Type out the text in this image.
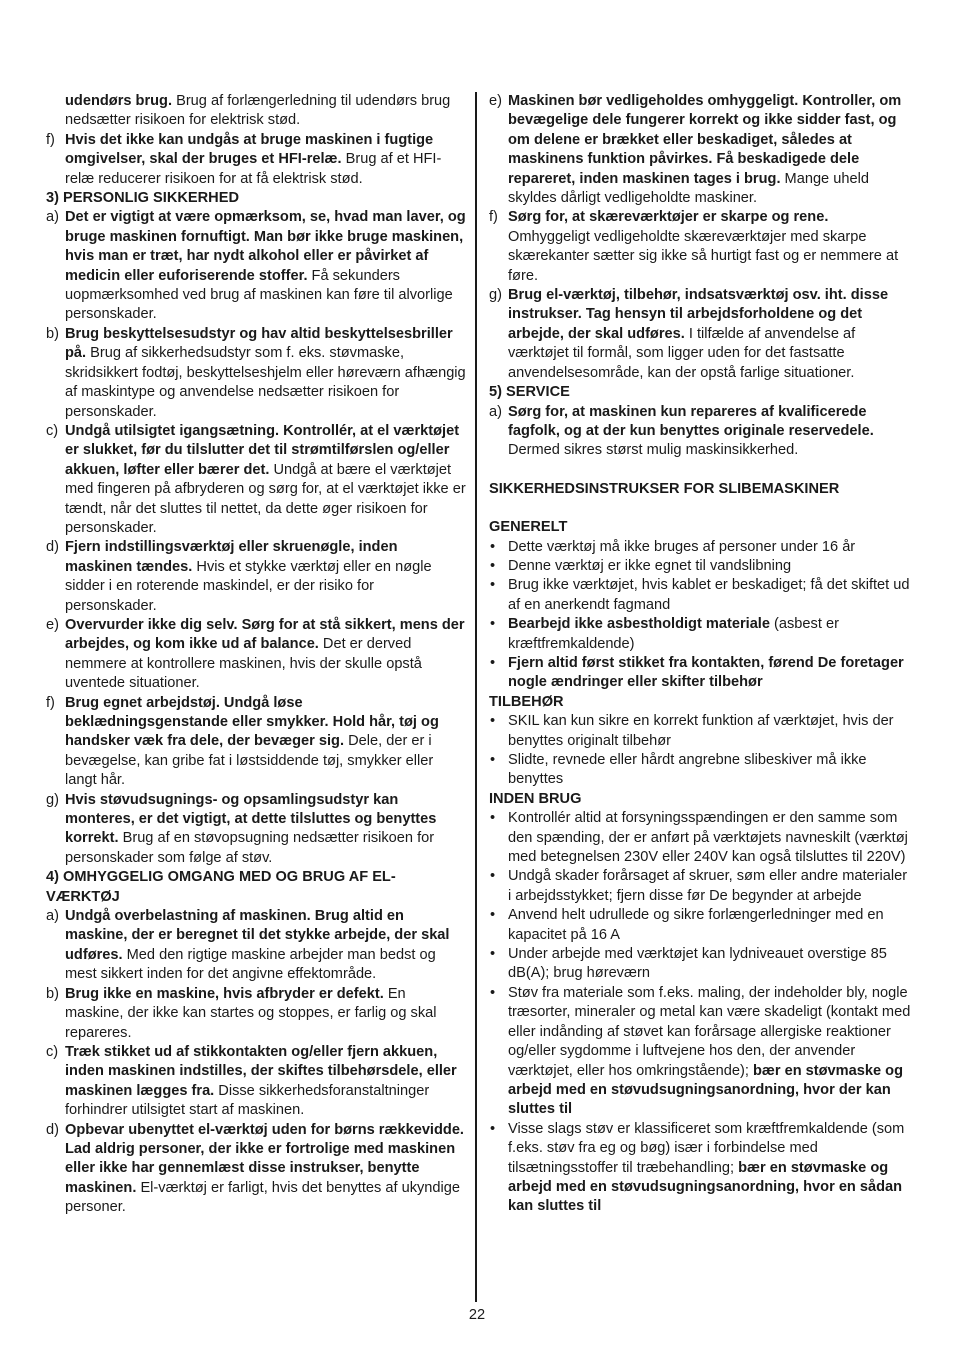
udendørs brug. Brug af forlængerledning til udendørs brug nedsætter risikoen for elektrisk stød.
f) Hvis det ikke kan undgås at bruge maskinen i fugtige omgivelser, skal der bruges et HFI-relæ. Brug af et HFI-relæ reducerer risikoen for at få elektrisk stød.
3) PERSONLIG SIKKERHED
a) Det er vigtigt at være opmærksom, se, hvad man laver, og bruge maskinen fornuftigt. Man bør ikke bruge maskinen, hvis man er træt, har nydt alkohol eller er påvirket af medicin eller euforiserende stoffer. Få sekunders uopmærksomhed ved brug af maskinen kan føre til alvorlige personskader.
b) Brug beskyttelsesudstyr og hav altid beskyttelsesbriller på. Brug af sikkerhedsudstyr som f. eks. støvmaske, skridsikkert fodtøj, beskyttelseshjelm eller høreværn afhængig af maskintype og anvendelse nedsætter risikoen for personskader.
c) Undgå utilsigtet igangsætning. Kontrollér, at el værktøjet er slukket, før du tilslutter det til strømtilførslen og/eller akkuen, løfter eller bærer det. Undgå at bære el værktøjet med fingeren på afbryderen og sørg for, at el værktøjet ikke er tændt, når det sluttes til nettet, da dette øger risikoen for personskader.
d) Fjern indstillingsværktøj eller skruenøgle, inden maskinen tændes. Hvis et stykke værktøj eller en nøgle sidder i en roterende maskindel, er der risiko for personskader.
e) Overvurder ikke dig selv. Sørg for at stå sikkert, mens der arbejdes, og kom ikke ud af balance. Det er derved nemmere at kontrollere maskinen, hvis der skulle opstå uventede situationer.
f) Brug egnet arbejdstøj. Undgå løse beklædningsgenstande eller smykker. Hold hår, tøj og handsker væk fra dele, der bevæger sig. Dele, der er i bevægelse, kan gribe fat i løstsiddende tøj, smykker eller langt hår.
g) Hvis støvudsugnings- og opsamlingsudstyr kan monteres, er det vigtigt, at dette tilsluttes og benyttes korrekt. Brug af en støvopsugning nedsætter risikoen for personskader som følge af støv.
4) OMHYGGELIG OMGANG MED OG BRUG AF EL-VÆRKTØJ
a) Undgå overbelastning af maskinen. Brug altid en maskine, der er beregnet til det stykke arbejde, der skal udføres. Med den rigtige maskine arbejder man bedst og mest sikkert inden for det angivne effektområde.
b) Brug ikke en maskine, hvis afbryder er defekt. En maskine, der ikke kan startes og stoppes, er farlig og skal repareres.
c) Træk stikket ud af stikkontakten og/eller fjern akkuen, inden maskinen indstilles, der skiftes tilbehørsdele, eller maskinen lægges fra. Disse sikkerhedsforanstaltninger forhindrer utilsigtet start af maskinen.
d) Opbevar ubenyttet el-værktøj uden for børns rækkevidde. Lad aldrig personer, der ikke er fortrolige med maskinen eller ikke har gennemlæst disse instrukser, benytte maskinen. El-værktøj er farligt, hvis det benyttes af ukyndige personer.
e) Maskinen bør vedligeholdes omhyggeligt. Kontroller, om bevægelige dele fungerer korrekt og ikke sidder fast, og om delene er brækket eller beskadiget, således at maskinens funktion påvirkes. Få beskadigede dele repareret, inden maskinen tages i brug. Mange uheld skyldes dårligt vedligeholdte maskiner.
f) Sørg for, at skæreværktøjer er skarpe og rene. Omhyggeligt vedligeholdte skæreværktøjer med skarpe skærekanter sætter sig ikke så hurtigt fast og er nemmere at føre.
g) Brug el-værktøj, tilbehør, indsatsværktøj osv. iht. disse instrukser. Tag hensyn til arbejdsforholdene og det arbejde, der skal udføres. I tilfælde af anvendelse af værktøjet til formål, som ligger uden for det fastsatte anvendelsesområde, kan der opstå farlige situationer.
5) SERVICE
a) Sørg for, at maskinen kun repareres af kvalificerede fagfolk, og at der kun benyttes originale reservedele. Dermed sikres størst mulig maskinsikkerhed.
SIKKERHEDSINSTRUKSER FOR SLIBEMASKINER
GENERELT
• Dette værktøj må ikke bruges af personer under 16 år
• Denne værktøj er ikke egnet til vandslibning
• Brug ikke værktøjet, hvis kablet er beskadiget; få det skiftet ud af en anerkendt fagmand
• Bearbejd ikke asbestholdigt materiale (asbest er kræftfremkaldende)
• Fjern altid først stikket fra kontakten, førend De foretager nogle ændringer eller skifter tilbehør
TILBEHØR
• SKIL kan kun sikre en korrekt funktion af værktøjet, hvis der benyttes originalt tilbehør
• Slidte, revnede eller hårdt angrebne slibeskiver må ikke benyttes
INDEN BRUG
• Kontrollér altid at forsyningsspændingen er den samme som den spænding, der er anført på værktøjets navneskilt (værktøj med betegnelsen 230V eller 240V kan også tilsluttes til 220V)
• Undgå skader forårsaget af skruer, søm eller andre materialer i arbejdsstykket; fjern disse før De begynder at arbejde
• Anvend helt udrullede og sikre forlængerledninger med en kapacitet på 16 A
• Under arbejde med værktøjet kan lydniveauet overstige 85 dB(A); brug høreværn
• Støv fra materiale som f.eks. maling, der indeholder bly, nogle træsorter, mineraler og metal kan være skadeligt (kontakt med eller indånding af støvet kan forårsage allergiske reaktioner og/eller sygdomme i luftvejene hos den, der anvender værktøjet, eller hos omkringstående); bær en støvmaske og arbejd med en støvudsugningsanordning, hvor der kan sluttes til
• Visse slags støv er klassificeret som kræftfremkaldende (som f.eks. støv fra eg og bøg) især i forbindelse med tilsætningsstoffer til træbehandling; bær en støvmaske og arbejd med en støvudsugningsanordning, hvor en sådan kan sluttes til
22
